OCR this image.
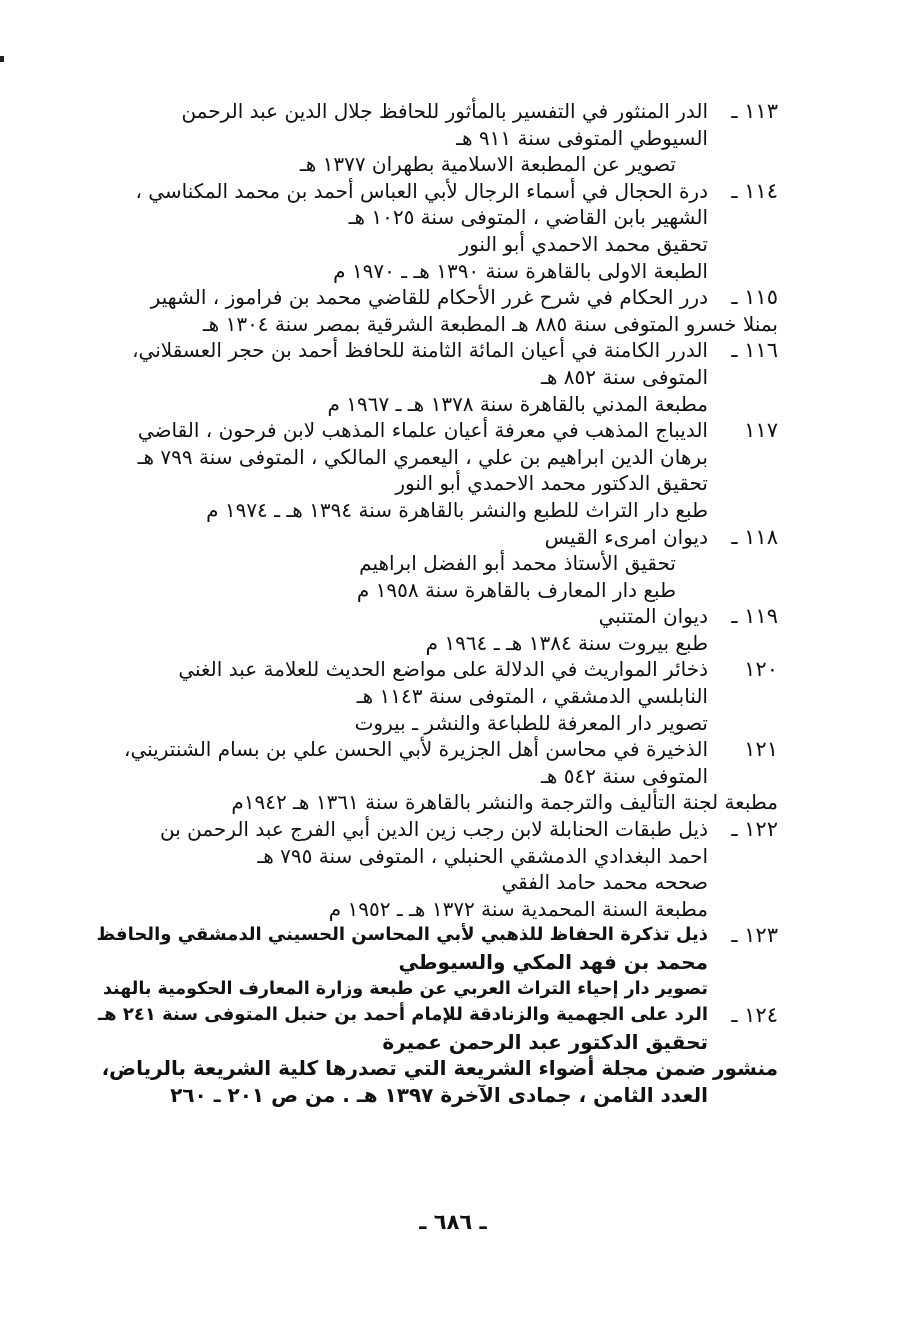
١١٣ ـ
الدر المنثور في التفسير بالمأثور للحافظ جلال الدين عبد الرحمن
السيوطي المتوفى سنة ٩١١ هـ
تصوير عن المطبعة الاسلامية بطهران ١٣٧٧ هـ
١١٤ ـ
درة الحجال في أسماء الرجال لأبي العباس أحمد بن محمد المكناسي ،
الشهير بابن القاضي ، المتوفى سنة ١٠٢٥ هـ
تحقيق محمد الاحمدي أبو النور
الطبعة الاولى بالقاهرة سنة ١٣٩٠ هـ ـ ١٩٧٠ م
١١٥ ـ
درر الحكام في شرح غرر الأحكام للقاضي محمد بن فراموز ، الشهير
بمنلا خسرو المتوفى سنة ٨٨٥ هـ المطبعة الشرقية بمصر سنة ١٣٠٤ هـ
١١٦ ـ
الدرر الكامنة في أعيان المائة الثامنة للحافظ أحمد بن حجر العسقلاني،
المتوفى سنة ٨٥٢ هـ
مطبعة المدني بالقاهرة سنة ١٣٧٨ هـ ـ ١٩٦٧ م
١١٧
الديباج المذهب في معرفة أعيان علماء المذهب لابن فرحون ، القاضي
برهان الدين ابراهيم بن علي ، اليعمري المالكي ، المتوفى سنة ٧٩٩ هـ
تحقيق الدكتور محمد الاحمدي أبو النور
طبع دار التراث للطبع والنشر بالقاهرة سنة ١٣٩٤ هـ ـ ١٩٧٤ م
١١٨ ـ
ديوان امرىء القيس
تحقيق الأستاذ محمد أبو الفضل ابراهيم
طبع دار المعارف بالقاهرة سنة ١٩٥٨ م
١١٩ ـ
ديوان المتنبي
طبع بيروت سنة ١٣٨٤ هـ ـ ١٩٦٤ م
١٢٠
ذخائر المواريث في الدلالة على مواضع الحديث للعلامة عبد الغني
النابلسي الدمشقي ، المتوفى سنة ١١٤٣ هـ
تصوير دار المعرفة للطباعة والنشر ـ بيروت
١٢١
الذخيرة في محاسن أهل الجزيرة لأبي الحسن علي بن بسام الشنتريني،
المتوفى سنة ٥٤٢ هـ
مطبعة لجنة التأليف والترجمة والنشر بالقاهرة سنة ١٣٦١ هـ ١٩٤٢م
١٢٢ ـ
ذيل طبقات الحنابلة لابن رجب زين الدين أبي الفرج عبد الرحمن بن
احمد البغدادي الدمشقي الحنبلي ، المتوفى سنة ٧٩٥ هـ
صححه محمد حامد الفقي
مطبعة السنة المحمدية سنة ١٣٧٢ هـ ـ ١٩٥٢ م
١٢٣ ـ
ذيل تذكرة الحفاظ للذهبي لأبي المحاسن الحسيني الدمشقي والحافظ
محمد بن فهد المكي والسيوطي
تصوير دار إحياء التراث العربي عن طبعة وزارة المعارف الحكومية بالهند
١٢٤ ـ
الرد على الجهمية والزنادقة للإمام أحمد بن حنبل المتوفى سنة ٢٤١ هـ
تحقيق الدكتور عبد الرحمن عميرة
منشور ضمن مجلة أضواء الشريعة التي تصدرها كلية الشريعة بالرياض،
العدد الثامن ، جمادى الآخرة ١٣٩٧ هـ . من ص ٢٠١ ـ ٢٦٠
ـ ٦٨٦ ـ
